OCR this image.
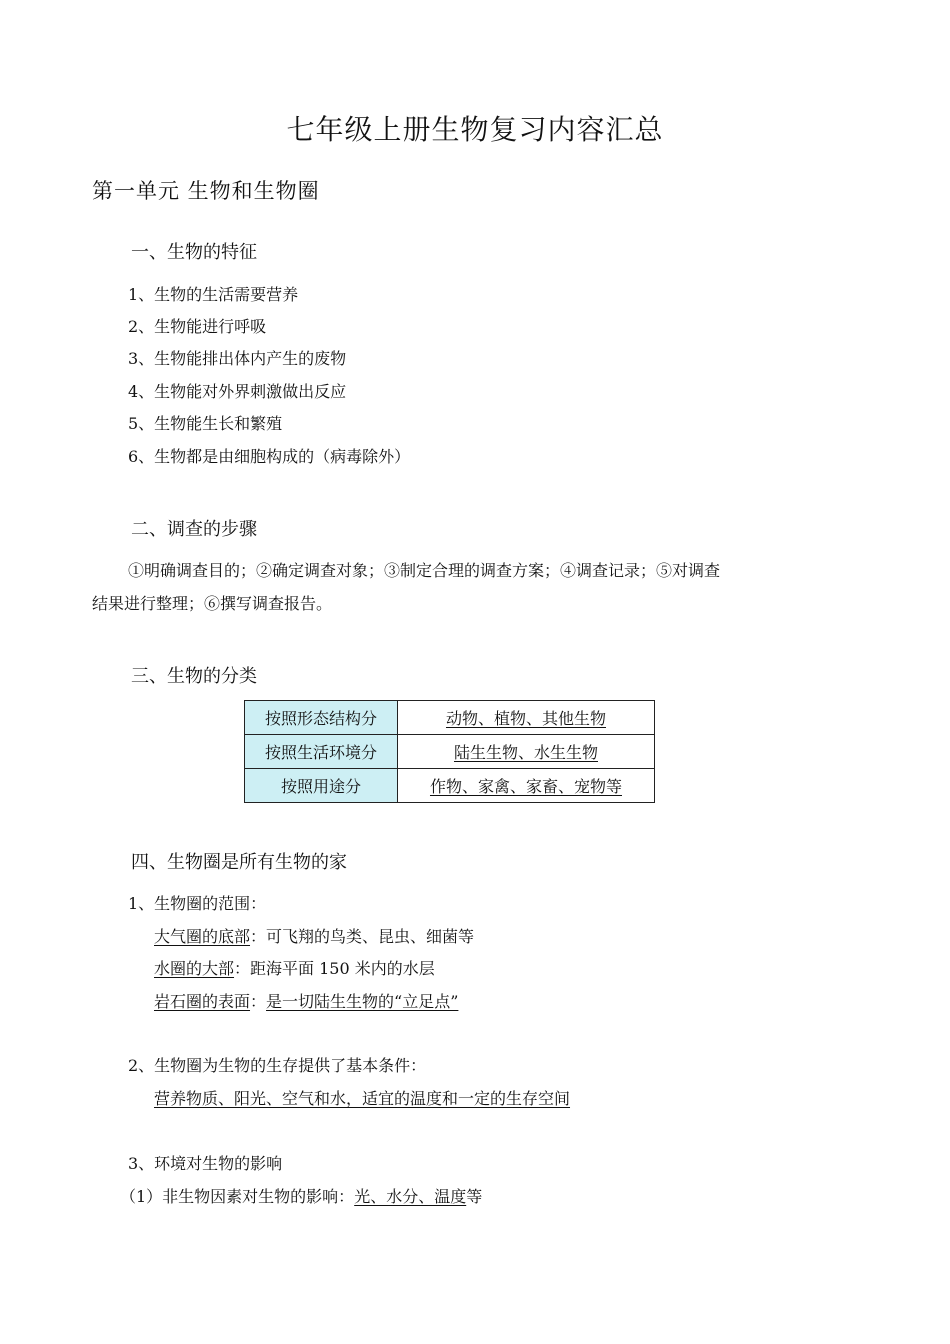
七年级上册生物复习内容汇总
第一单元 生物和生物圈
一、生物的特征
1、生物的生活需要营养
2、生物能进行呼吸
3、生物能排出体内产生的废物
4、生物能对外界刺激做出反应
5、生物能生长和繁殖
6、生物都是由细胞构成的（病毒除外）
二、调查的步骤
①明确调查目的；②确定调查对象；③制定合理的调查方案；④调查记录；⑤对调查
结果进行整理；⑥撰写调查报告。
三、生物的分类
按照形态结构分	动物、植物、其他生物
按照生活环境分	陆生生物、水生生物
按照用途分	作物、家禽、家畜、宠物等
四、生物圈是所有生物的家
1、生物圈的范围：
大气圈的底部：可飞翔的鸟类、昆虫、细菌等
水圈的大部：距海平面 150 米内的水层
岩石圈的表面：是一切陆生生物的“立足点”
2、生物圈为生物的生存提供了基本条件：
营养物质、阳光、空气和水，适宜的温度和一定的生存空间
3、环境对生物的影响
（1）非生物因素对生物的影响：光、水分、温度等
